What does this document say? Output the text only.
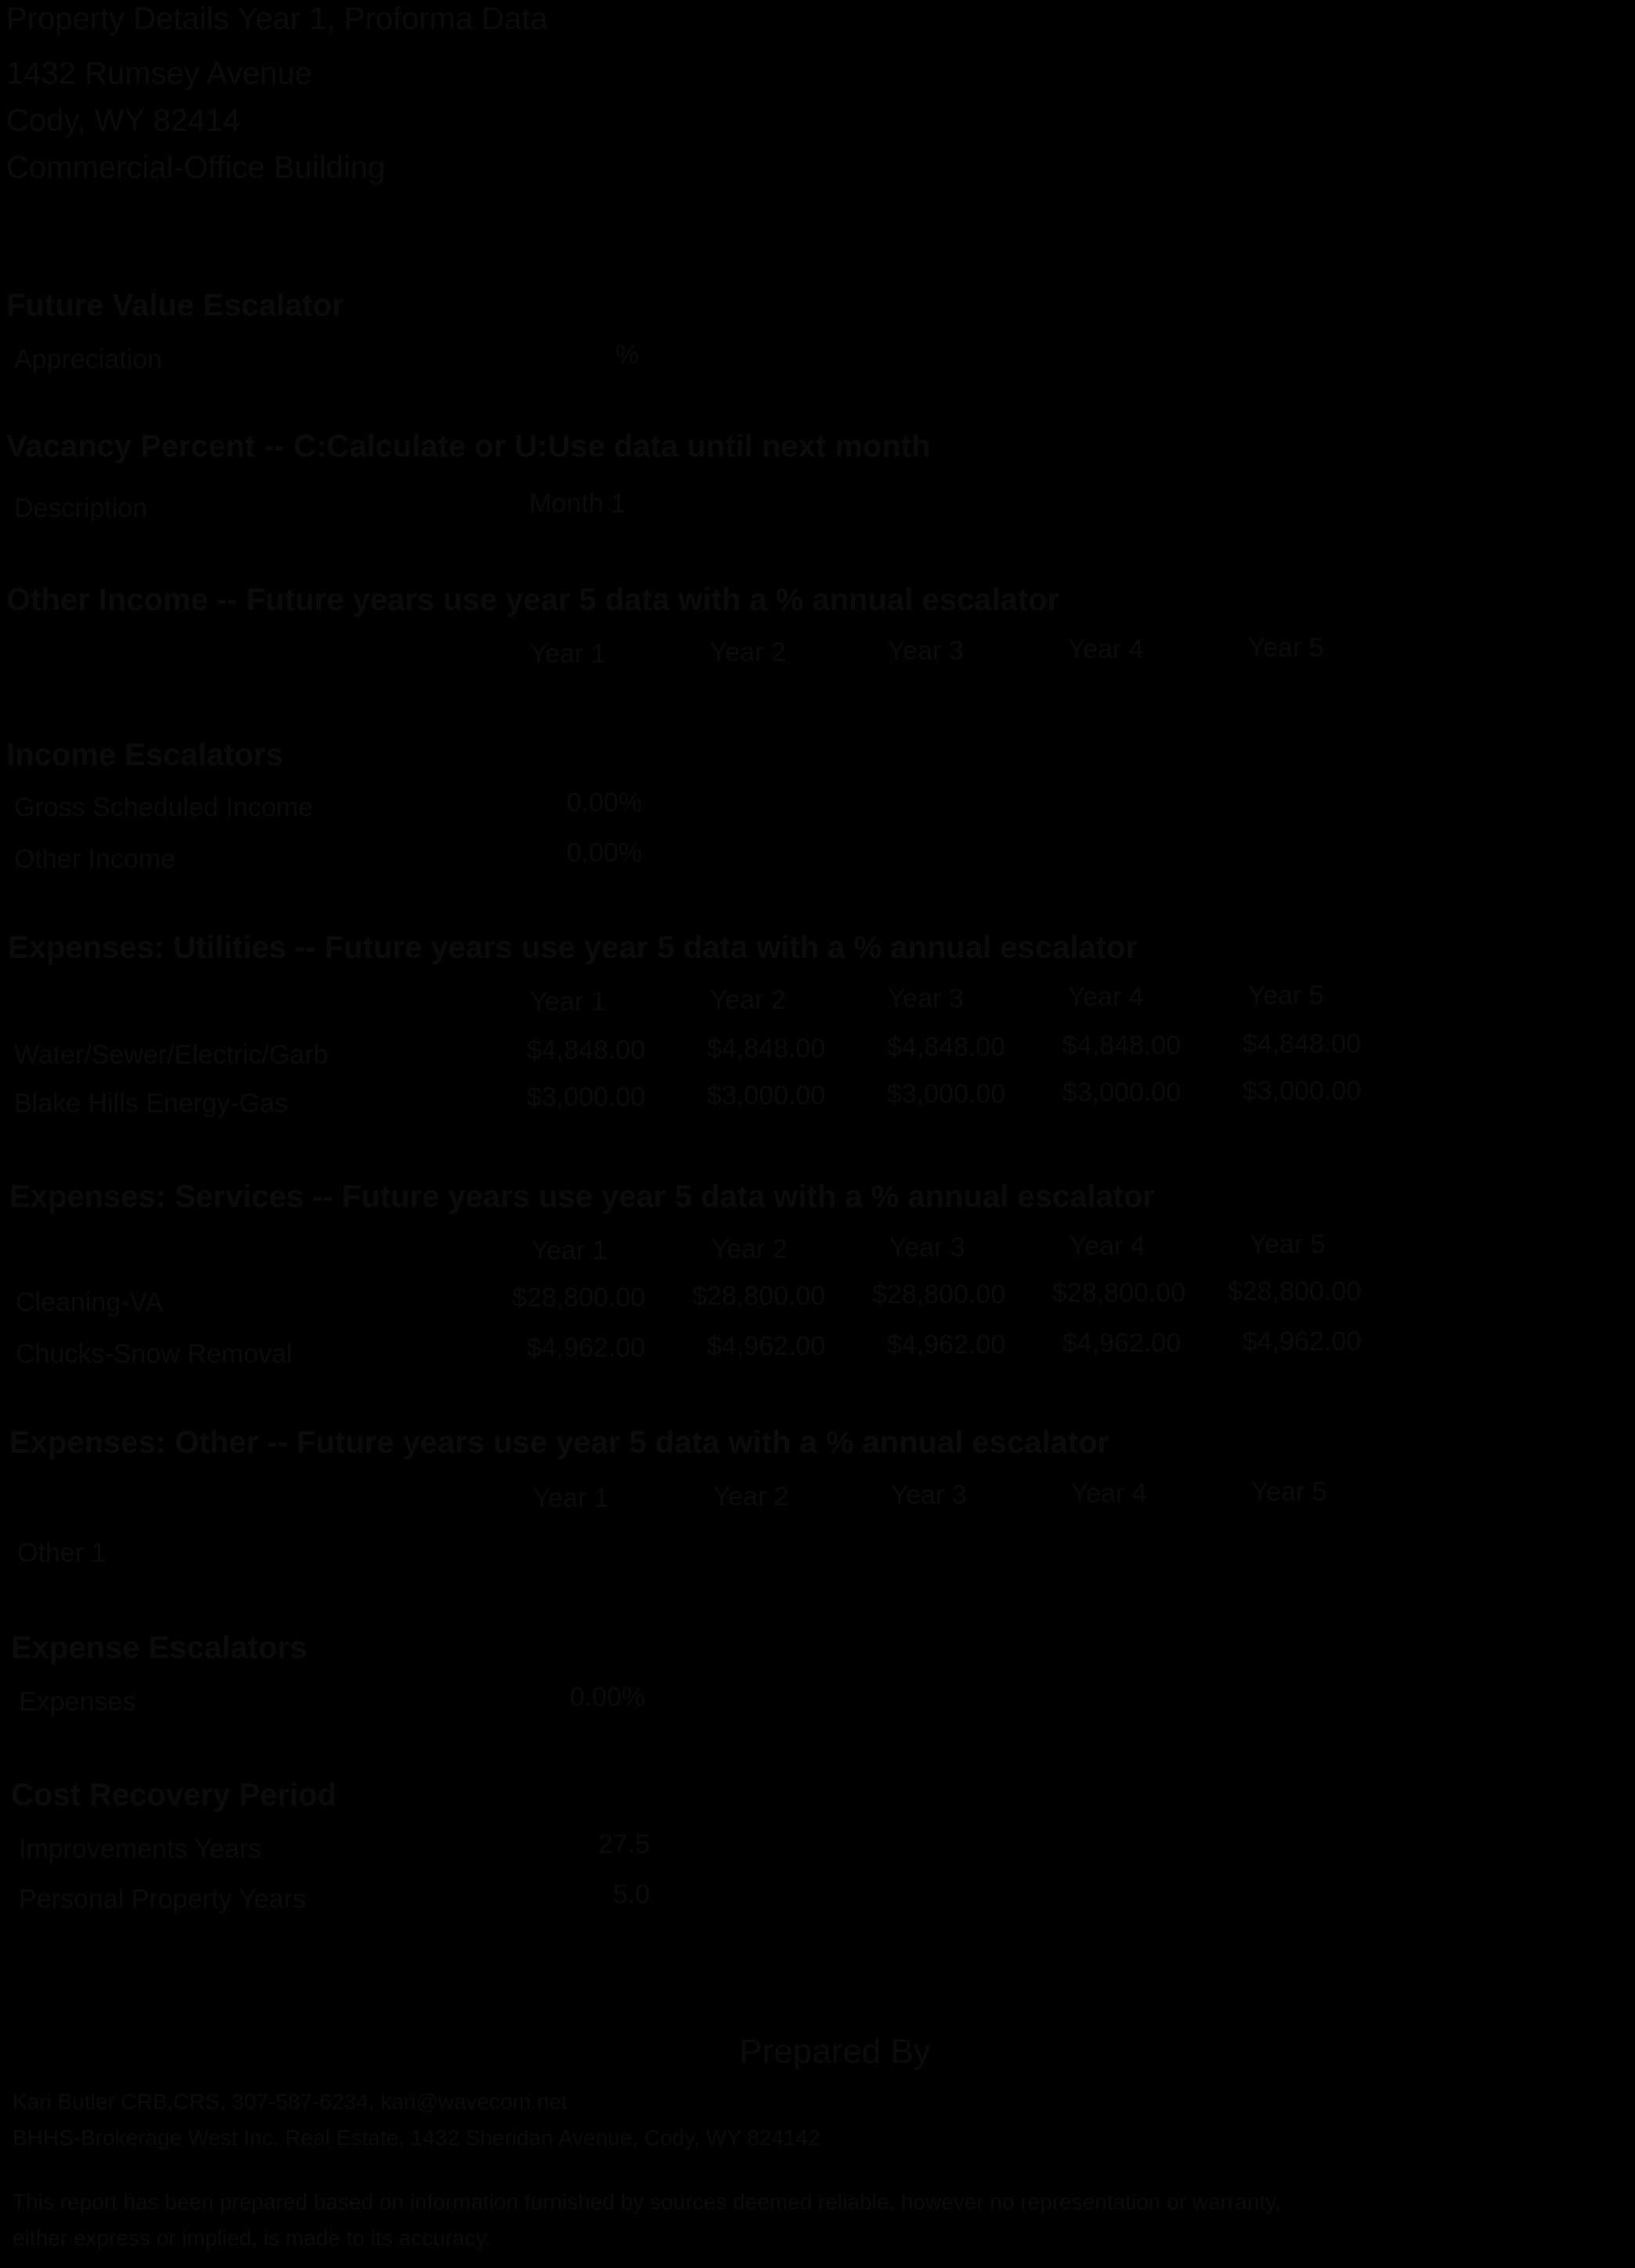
Property Details Year 1, Proforma Data
1432 Rumsey Avenue
Cody, WY 82414
Commercial-Office Building
Future Value Escalator
Appreciation	%
Vacancy Percent -- C:Calculate or U:Use data until next month
Description	Month 1
Other Income -- Future years use year 5 data with a % annual escalator
Year 1	Year 2	Year 3	Year 4	Year 5
Income Escalators
Gross Scheduled Income	0.00%
Other Income	0.00%
Expenses: Utilities -- Future years use year 5 data with a % annual escalator
Year 1	Year 2	Year 3	Year 4	Year 5
Water/Sewer/Electric/Garb	$4,848.00	$4,848.00	$4,848.00	$4,848.00	$4,848.00
Blake Hills Energy-Gas	$3,000.00	$3,000.00	$3,000.00	$3,000.00	$3,000.00
Expenses: Services -- Future years use year 5 data with a % annual escalator
Year 1	Year 2	Year 3	Year 4	Year 5
Cleaning-VA	$28,800.00	$28,800.00	$28,800.00	$28,800.00	$28,800.00
Chucks-Snow Removal	$4,962.00	$4,962.00	$4,962.00	$4,962.00	$4,962.00
Expenses: Other -- Future years use year 5 data with a % annual escalator
Year 1	Year 2	Year 3	Year 4	Year 5
Other 1
Expense Escalators
Expenses	0.00%
Cost Recovery Period
Improvements Years	27.5
Personal Property Years	5.0
Prepared By
Kari Butler CRB,CRS, 307-587-6234, kari@wavecom.net
BHHS-Brokerage West Inc. Real Estate, 1432 Sheridan Avenue, Cody, WY 824142
This report has been prepared based on information furnished by sources deemed reliable, however no representation or warranty,
either express or implied, is made to its accuracy.
